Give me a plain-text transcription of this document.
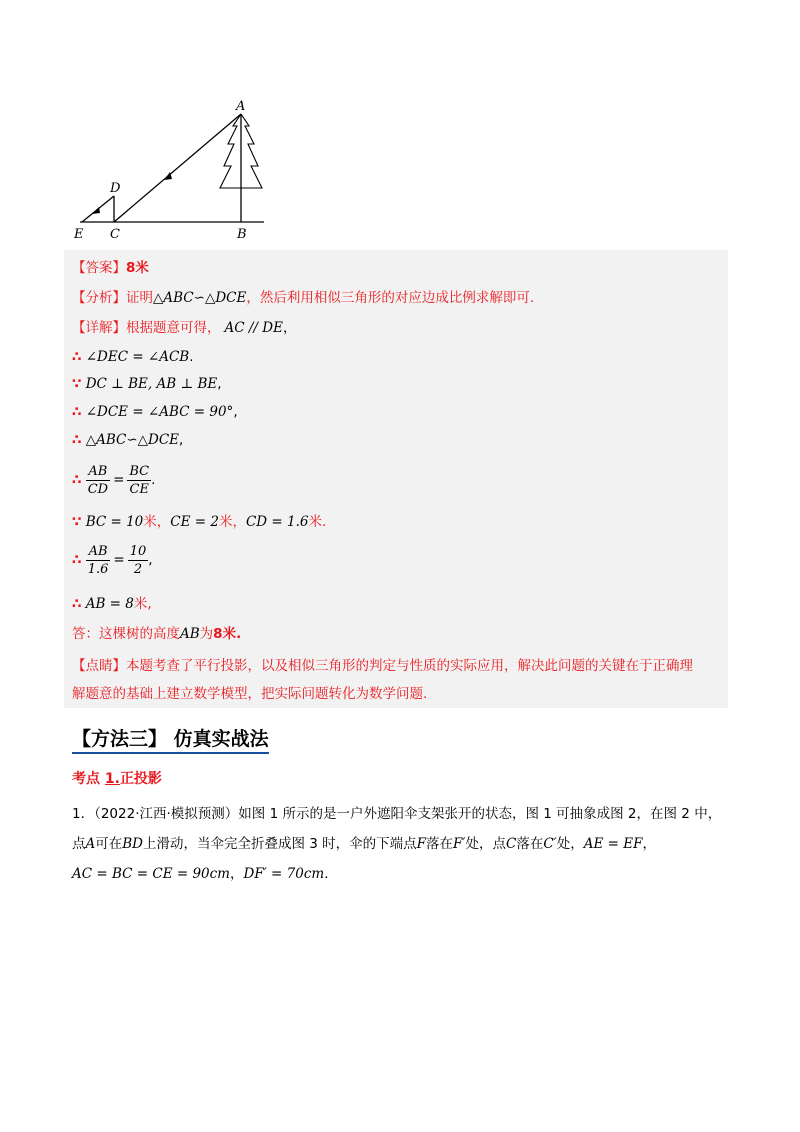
A
B
C
D
E
【答案】8米
【分析】证明△ABC∽△DCE，然后利用相似三角形的对应边成比例求解即可.
【详解】根据题意可得， AC // DE，
∴ ∠DEC = ∠ACB.
∵ DC ⊥ BE, AB ⊥ BE,
∴ ∠DCE = ∠ABC = 90°,
∴ △ABC∽△DCE,
∴ $\frac{AB}{CD} = \frac{BC}{CE}$ .
∵ BC = 10米，CE = 2米，CD = 1.6米.
∴ $\frac{AB}{1.6} = \frac{10}{2}$ ,
∴ AB = 8米,
答：这棵树的高度AB为8米.
【点睛】本题考查了平行投影，以及相似三角形的判定与性质的实际应用，解决此问题的关键在于正确理
解题意的基础上建立数学模型，把实际问题转化为数学问题.
【方法三】 仿真实战法
考点 1.正投影
1．（2022·江西·模拟预测）如图 1 所示的是一户外遮阳伞支架张开的状态，图 1 可抽象成图 2，在图 2 中，
点A可在BD上滑动，当伞完全折叠成图 3 时，伞的下端点F落在F′处，点C落在C′处，AE = EF，
AC = BC = CE = 90cm，DF′ = 70cm.
